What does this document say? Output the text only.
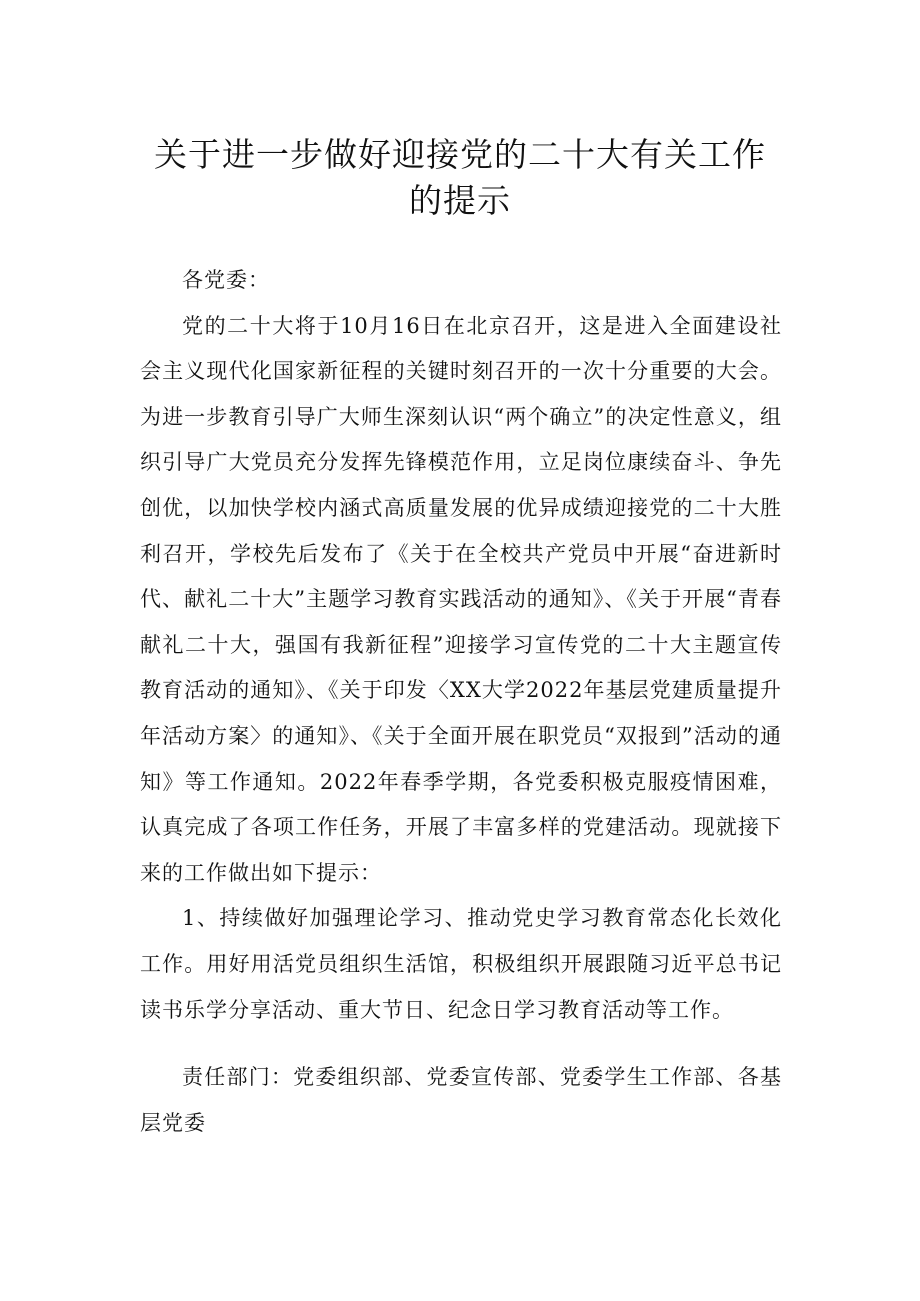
关于进一步做好迎接党的二十大有关工作
的提示

各党委：

党的二十大将于10月16日在北京召开，这是进入全面建设社会主义现代化国家新征程的关键时刻召开的一次十分重要的大会。为进一步教育引导广大师生深刻认识“两个确立”的决定性意义，组织引导广大党员充分发挥先锋模范作用，立足岗位康续奋斗、争先创优，以加快学校内涵式高质量发展的优异成绩迎接党的二十大胜利召开，学校先后发布了《关于在全校共产党员中开展“奋进新时代、献礼二十大”主题学习教育实践活动的通知》、《关于开展“青春献礼二十大，强国有我新征程”迎接学习宣传党的二十大主题宣传教育活动的通知》、《关于印发〈XX大学2022年基层党建质量提升年活动方案〉的通知》、《关于全面开展在职党员“双报到”活动的通知》等工作通知。2022年春季学期，各党委积极克服疫情困难，认真完成了各项工作任务，开展了丰富多样的党建活动。现就接下来的工作做出如下提示：

1、持续做好加强理论学习、推动党史学习教育常态化长效化工作。用好用活党员组织生活馆，积极组织开展跟随习近平总书记读书乐学分享活动、重大节日、纪念日学习教育活动等工作。

责任部门：党委组织部、党委宣传部、党委学生工作部、各基层党委
